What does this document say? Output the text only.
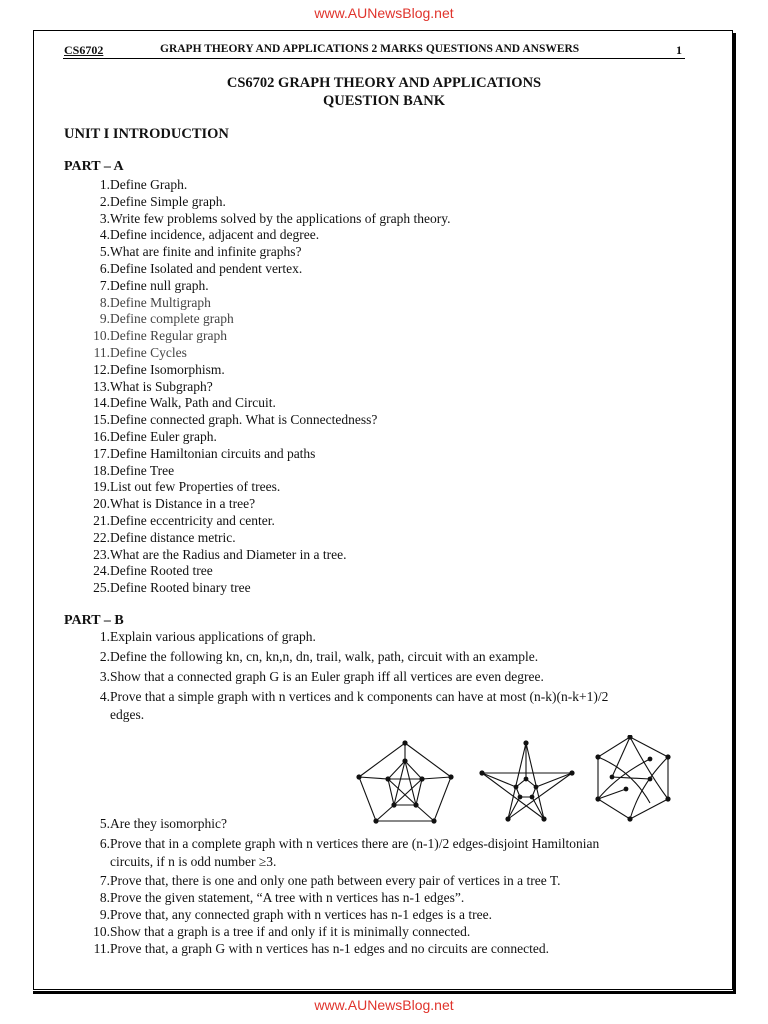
www.AUNewsBlog.net
CS6702	GRAPH THEORY AND APPLICATIONS 2 MARKS QUESTIONS AND ANSWERS	1
CS6702 GRAPH THEORY AND APPLICATIONS
QUESTION BANK
UNIT I INTRODUCTION
PART – A
1. Define Graph.
2. Define Simple graph.
3. Write few problems solved by the applications of graph theory.
4. Define incidence, adjacent and degree.
5. What are finite and infinite graphs?
6. Define Isolated and pendent vertex.
7. Define null graph.
8. Define Multigraph
9. Define complete graph
10. Define Regular graph
11. Define Cycles
12. Define Isomorphism.
13. What is Subgraph?
14. Define Walk, Path and Circuit.
15. Define connected graph. What is Connectedness?
16. Define Euler graph.
17. Define Hamiltonian circuits and paths
18. Define Tree
19. List out few Properties of trees.
20. What is Distance in a tree?
21. Define eccentricity and center.
22. Define distance metric.
23. What are the Radius and Diameter in a tree.
24. Define Rooted tree
25. Define Rooted binary tree
PART – B
1. Explain various applications of graph.
2. Define the following kn, cn, kn,n, dn, trail, walk, path, circuit with an example.
3. Show that a connected graph G is an Euler graph iff all vertices are even degree.
4. Prove that a simple graph with n vertices and k components can have at most (n-k)(n-k+1)/2
edges.
5. Are they isomorphic?
6. Prove that in a complete graph with n vertices there are (n-1)/2 edges-disjoint Hamiltonian
circuits, if n is odd number ≥3.
7. Prove that, there is one and only one path between every pair of vertices in a tree T.
8. Prove the given statement, “A tree with n vertices has n-1 edges”.
9. Prove that, any connected graph with n vertices has n-1 edges is a tree.
10. Show that a graph is a tree if and only if it is minimally connected.
11. Prove that, a graph G with n vertices has n-1 edges and no circuits are connected.
www.AUNewsBlog.net
